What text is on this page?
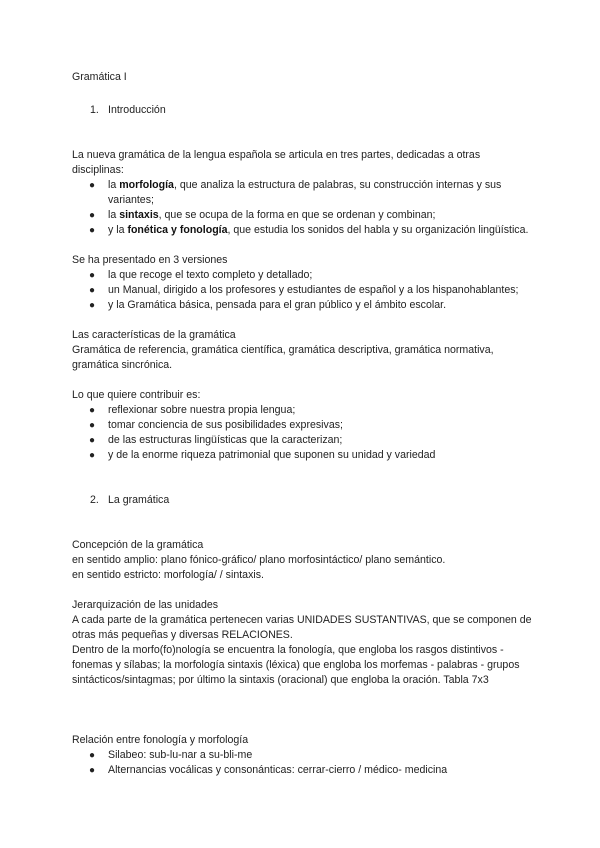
Gramática I

1. Introducción

La nueva gramática de la lengua española se articula en tres partes, dedicadas a otras disciplinas:

● la morfología, que analiza la estructura de palabras, su construcción internas y sus variantes;
● la sintaxis, que se ocupa de la forma en que se ordenan y combinan;
● y la fonética y fonología, que estudia los sonidos del habla y su organización lingüística.

Se ha presentado en 3 versiones

● la que recoge el texto completo y detallado;
● un Manual, dirigido a los profesores y estudiantes de español y a los hispanohablantes;
● y la Gramática básica, pensada para el gran público y el ámbito escolar.

Las características de la gramática

Gramática de referencia, gramática científica, gramática descriptiva, gramática normativa, gramática sincrónica.

Lo que quiere contribuir es:

● reflexionar sobre nuestra propia lengua;
● tomar conciencia de sus posibilidades expresivas;
● de las estructuras lingüísticas que la caracterizan;
● y de la enorme riqueza patrimonial que suponen su unidad y variedad
2. La gramática

Concepción de la gramática

en sentido amplio: plano fónico-gráfico/ plano morfosintáctico/ plano semántico.

en sentido estricto: morfología/ / sintaxis.

Jerarquización de las unidades

A cada parte de la gramática pertenecen varias UNIDADES SUSTANTIVAS, que se componen de otras más pequeñas y diversas RELACIONES.

Dentro de la morfo(fo)nología se encuentra la fonología, que engloba los rasgos distintivos - fonemas y sílabas; la morfología sintaxis (léxica) que engloba los morfemas - palabras - grupos sintácticos/sintagmas; por último la sintaxis (oracional) que engloba la oración. Tabla 7x3

Relación entre fonología y morfología

● Silabeo: sub-lu-nar a su-bli-me
● Alternancias vocálicas y consonánticas: cerrar-cierro / médico- medicina
